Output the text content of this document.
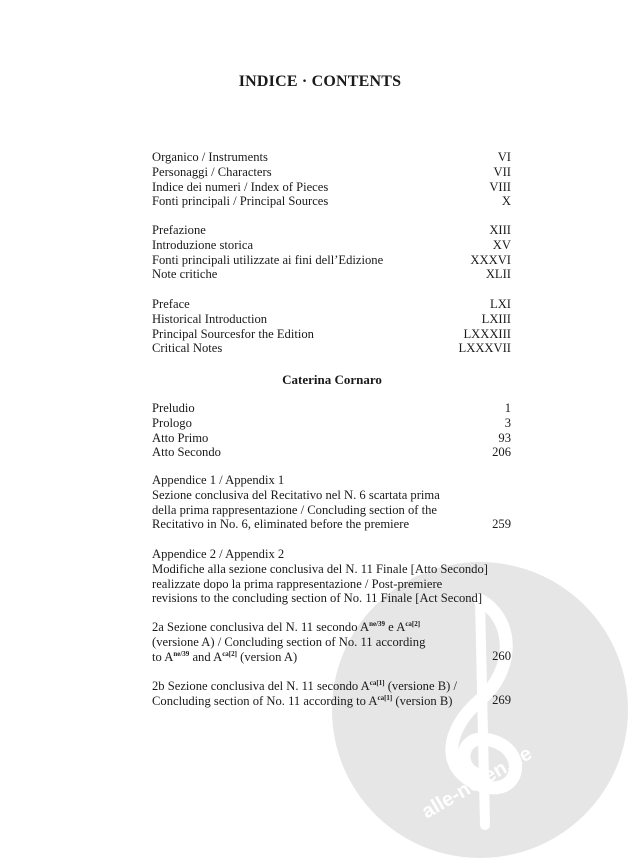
alle-noten.de
INDICE · CONTENTS
Organico / Instruments	VI
Personaggi / Characters	VII
Indice dei numeri / Index of Pieces	VIII
Fonti principali / Principal Sources	X
Prefazione	XIII
Introduzione storica	XV
Fonti principali utilizzate ai fini dell’Edizione	XXXVI
Note critiche	XLII
Preface	LXI
Historical Introduction	LXIII
Principal Sourcesfor the Edition	LXXXIII
Critical Notes	LXXXVII
Caterina Cornaro
Preludio	1
Prologo	3
Atto Primo	93
Atto Secondo	206
Appendice 1 / Appendix 1
Sezione conclusiva del Recitativo nel N. 6 scartata prima
della prima rappresentazione / Concluding section of the
Recitativo in No. 6, eliminated before the premiere	259
Appendice 2 / Appendix 2
Modifiche alla sezione conclusiva del N. 11 Finale [Atto Secondo]
realizzate dopo la prima rappresentazione / Post-premiere
revisions to the concluding section of No. 11 Finale [Act Second]
2a Sezione conclusiva del N. 11 secondo $A^{ne/39}$ e $A^{ca[2]}$
(versione A) / Concluding section of No. 11 according
to $A^{ne/39}$ and $A^{ca[2]}$ (version A)	260
2b Sezione conclusiva del N. 11 secondo $A^{ca[1]}$ (versione B) /
Concluding section of No. 11 according to $A^{ca[1]}$ (version B)	269
